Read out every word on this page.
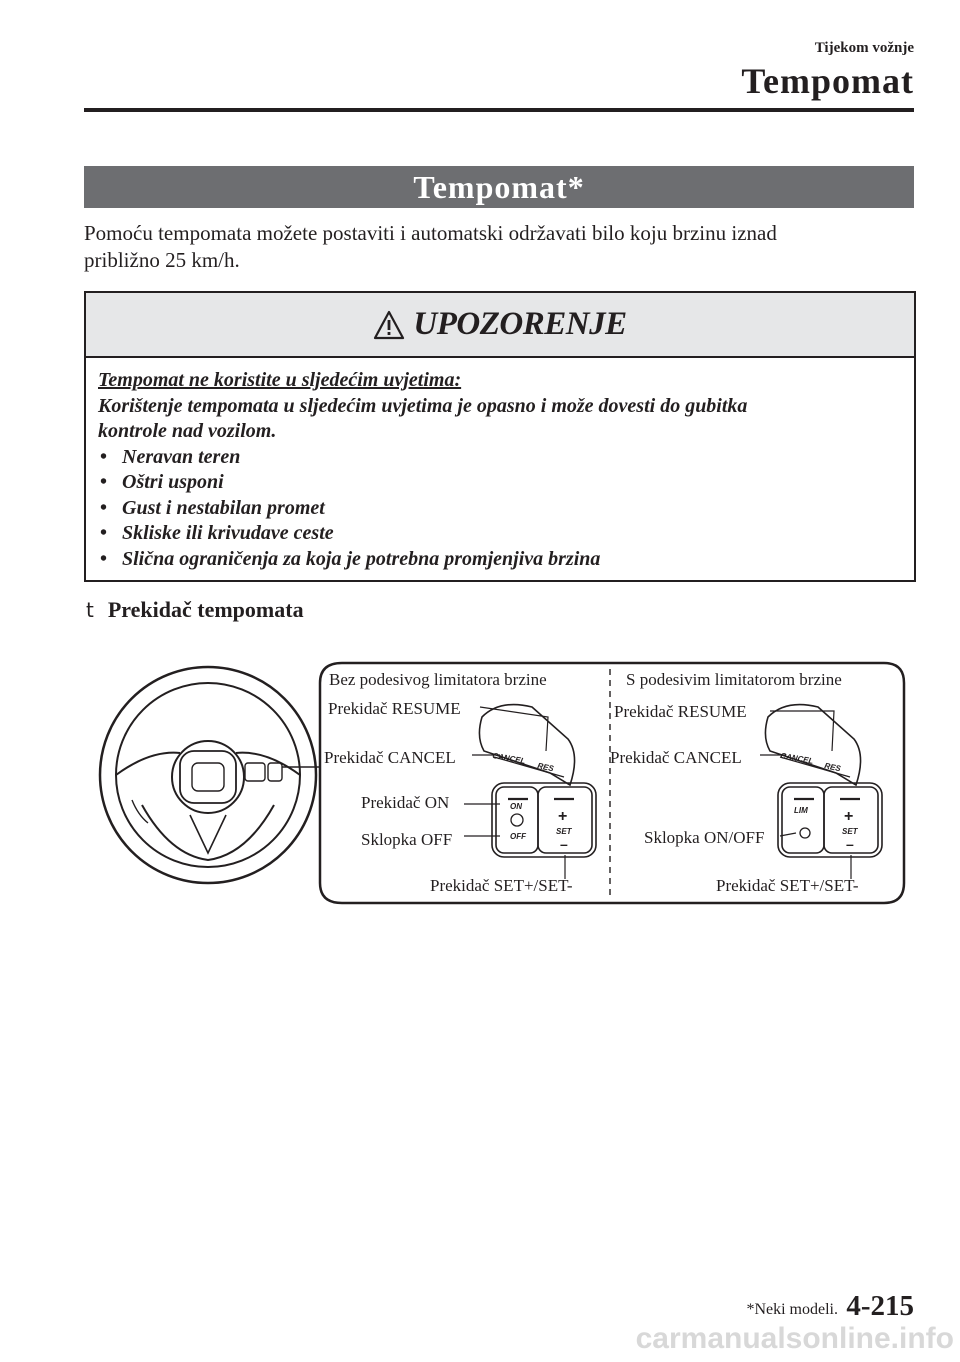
Tijekom vožnje
Tempomat
Tempomat*
Pomoću tempomata možete postaviti i automatski održavati bilo koju brzinu iznad
približno 25 km/h.
UPOZORENJE
Tempomat ne koristite u sljedećim uvjetima:
Korištenje tempomata u sljedećim uvjetima je opasno i može dovesti do gubitka
kontrole nad vozilom.
• Neravan teren
• Oštri usponi
• Gust i nestabilan promet
• Skliske ili krivudave ceste
• Slična ograničenja za koja je potrebna promjenjiva brzina
t Prekidač tempomata
Bez podesivog limitatora brzine
Prekidač RESUME
Prekidač CANCEL
Prekidač ON
Sklopka OFF
Prekidač SET+/SET-
CANCEL
RES
ON
OFF
+
SET
–
S podesivim limitatorom brzine
Prekidač RESUME
Prekidač CANCEL
Sklopka ON/OFF
Prekidač SET+/SET-
CANCEL
RES
LIM +
SET
–
*Neki modeli. 4-215
carmanualsonline.info
